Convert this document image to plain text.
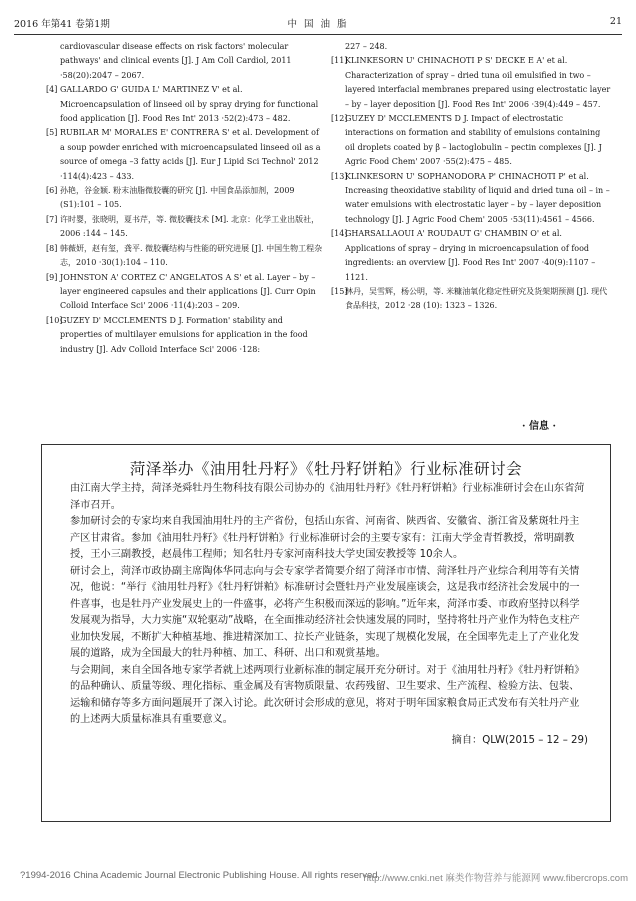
2016 年第41 卷第1期	中 国 油 脂	21

cardiovascular disease effects on risk factors' molecular pathways' and clinical events [J]. J Am Coll Cardiol, 2011 ·58(20):2047 – 2067.

[4] GALLARDO G' GUIDA L' MARTINEZ V' et al. Microencapsulation of linseed oil by spray drying for functional food application [J]. Food Res Int' 2013 ·52(2):473 – 482.

[5] RUBILAR M' MORALES E' CONTRERA S' et al. Development of a soup powder enriched with microencapsulated linseed oil as a source of omega –3 fatty acids [J]. Eur J Lipid Sci Technol' 2012 ·114(4):423 – 433.

[6] 孙艳，谷金颖. 粉末油脂微胶囊的研究 [J]. 中国食品添加剂，2009 (S1):101 – 105.

[7] 许时婴，张晓明，夏书芹，等. 微胶囊技术 [M]. 北京：化学工业出版社，2006 :144 – 145.

[8] 韩薇妍，赵有玺，龚平. 微胶囊结构与性能的研究进展 [J]. 中国生物工程杂志，2010 ·30(1):104 – 110.

[9] JOHNSTON A' CORTEZ C' ANGELATOS A S' et al. Layer – by – layer engineered capsules and their applications [J]. Curr Opin Colloid Interface Sci' 2006 ·11(4):203 – 209.

[10]
GUZEY D' MCCLEMENTS D J. Formation' stability and properties of multilayer emulsions for application in the food industry [J]. Adv Colloid Interface Sci' 2006 ·128:

227 – 248.

[11]
KLINKESORN U' CHINACHOTI P S' DECKE E A' et al. Characterization of spray – dried tuna oil emulsified in two – layered interfacial membranes prepared using electrostatic layer – by – layer deposition [J]. Food Res Int' 2006 ·39(4):449 – 457.

[12]
GUZEY D' MCCLEMENTS D J. Impact of electrostatic interactions on formation and stability of emulsions containing oil droplets coated by β – lactoglobulin – pectin complexes [J]. J Agric Food Chem' 2007 ·55(2):475 – 485.

[13]
KLINKESORN U' SOPHANODORA P' CHINACHOTI P' et al. Increasing theoxidative stability of liquid and dried tuna oil – in – water emulsions with electrostatic layer – by – layer deposition technology [J]. J Agric Food Chem' 2005 ·53(11):4561 – 4566.

[14]
GHARSALLAOUI A' ROUDAUT G' CHAMBIN O' et al. Applications of spray – drying in microencapsulation of food ingredients: an overview [J]. Food Res Int' 2007 ·40(9):1107 – 1121.

[15]
林丹，吴雪辉，杨公明，等. 米糠油氧化稳定性研究及货架期预测 [J]. 现代食品科技，2012 ·28 (10): 1323 – 1326.

· 信息 ·
菏泽举办《油用牡丹籽》《牡丹籽饼粕》行业标准研讨会

由江南大学主持，菏泽尧舜牡丹生物科技有限公司协办的《油用牡丹籽》《牡丹籽饼粕》行业标准研讨会在山东省菏泽市召开。

参加研讨会的专家均来自我国油用牡丹的主产省份，包括山东省、河南省、陕西省、安徽省、浙江省及紫斑牡丹主产区甘肃省。参加《油用牡丹籽》《牡丹籽饼粕》行业标准研讨会的主要专家有：江南大学金青哲教授，常明副教授，王小三副教授，赵晨伟工程师；知名牡丹专家河南科技大学史国安教授等 10余人。

研讨会上，菏泽市政协副主席陶体华同志向与会专家学者简要介绍了菏泽市市情、菏泽牡丹产业综合利用等有关情况，他说：“举行《油用牡丹籽》《牡丹籽饼粕》标准研讨会暨牡丹产业发展座谈会，这是我市经济社会发展中的一件喜事，也是牡丹产业发展史上的一件盛事，必将产生积极而深远的影响。”近年来，菏泽市委、市政府坚持以科学发展观为指导，大力实施“双轮驱动”战略，在全面推动经济社会快速发展的同时，坚持将牡丹产业作为特色支柱产业加快发展，不断扩大种植基地、推进精深加工、拉长产业链条，实现了规模化发展，在全国率先走上了产业化发展的道路，成为全国最大的牡丹种植、加工、科研、出口和观赏基地。

与会期间，来自全国各地专家学者就上述两项行业新标准的制定展开充分研讨。对于《油用牡丹籽》《牡丹籽饼粕》的品种确认、质量等级、理化指标、重金属及有害物质限量、农药残留、卫生要求、生产流程、检验方法、包装、运输和储存等多方面问题展开了深入讨论。此次研讨会形成的意见，将对于明年国家粮食局正式发布有关牡丹产业的上述两大质量标准具有重要意义。

摘自：QLW(2015 – 12 – 29)

?1994-2016 China Academic Journal Electronic Publishing House. All rights reserved.
http://www.cnki.net 麻类作物营养与能源网 www.fibercrops.com
